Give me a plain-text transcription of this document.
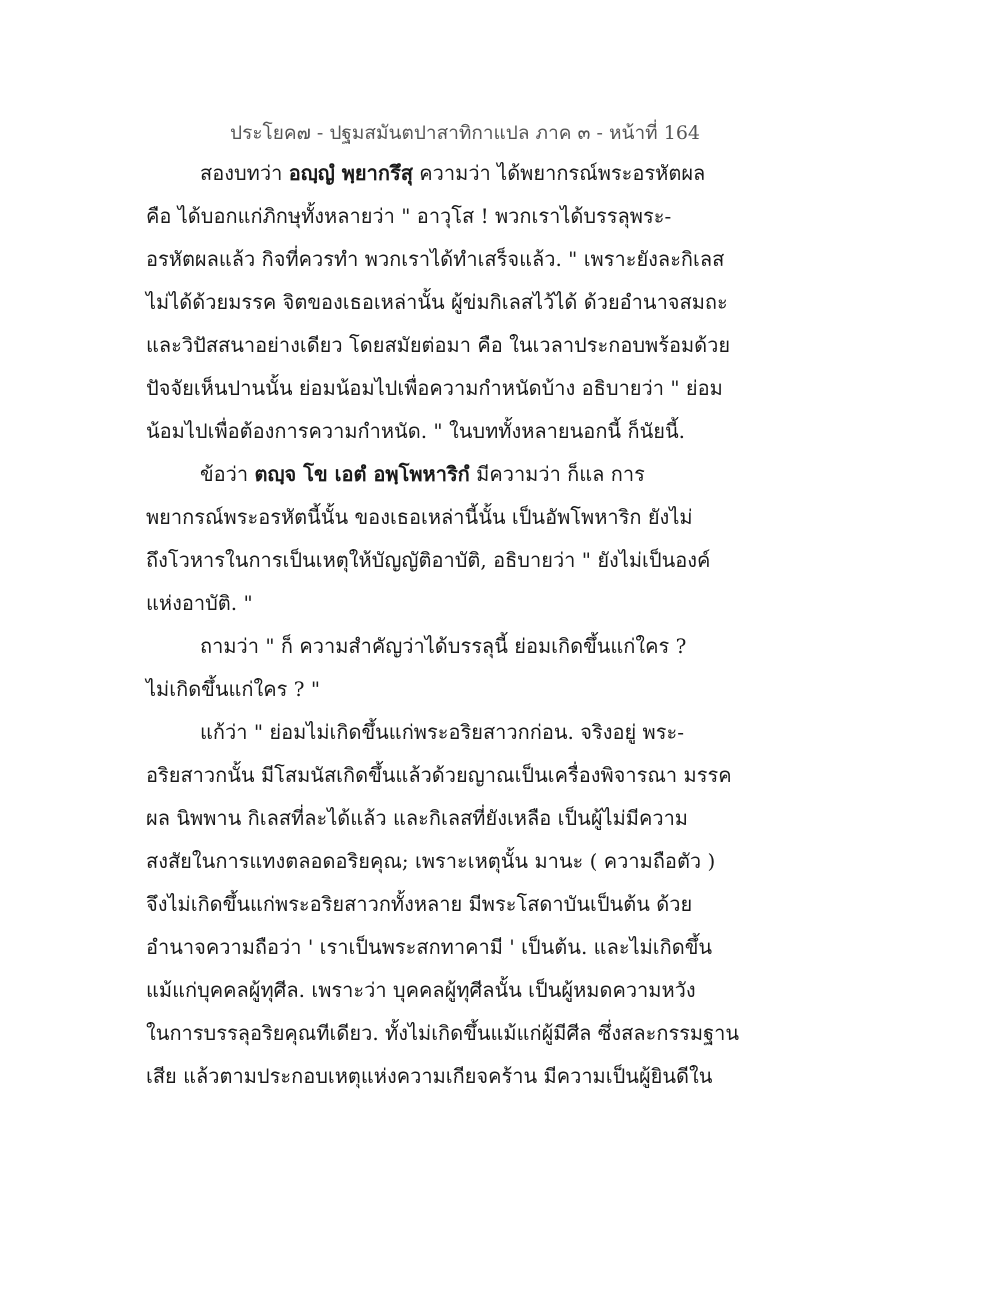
ประโยค๗ - ปฐมสมันตปาสาทิกาแปล ภาค ๓ - หน้าที่ 164
สองบทว่า อญฺญํ พฺยากรึสุ ความว่า ได้พยากรณ์พระอรหัตผล
คือ ได้บอกแก่ภิกษุทั้งหลายว่า " อาวุโส ! พวกเราได้บรรลุพระ-
อรหัตผลแล้ว กิจที่ควรทำ พวกเราได้ทำเสร็จแล้ว. " เพราะยังละกิเลส
ไม่ได้ด้วยมรรค จิตของเธอเหล่านั้น ผู้ข่มกิเลสไว้ได้ ด้วยอำนาจสมถะ
และวิปัสสนาอย่างเดียว โดยสมัยต่อมา คือ ในเวลาประกอบพร้อมด้วย
ปัจจัยเห็นปานนั้น ย่อมน้อมไปเพื่อความกำหนัดบ้าง อธิบายว่า " ย่อม
น้อมไปเพื่อต้องการความกำหนัด. " ในบททั้งหลายนอกนี้ ก็นัยนี้.
ข้อว่า ตญฺจ โข เอตํ อพฺโพหาริกํ มีความว่า ก็แล การ
พยากรณ์พระอรหัตนี้นั้น ของเธอเหล่านี้นั้น เป็นอัพโพหาริก ยังไม่
ถึงโวหารในการเป็นเหตุให้บัญญัติอาบัติ, อธิบายว่า " ยังไม่เป็นองค์
แห่งอาบัติ. "
ถามว่า " ก็ ความสำคัญว่าได้บรรลุนี้ ย่อมเกิดขึ้นแก่ใคร ?
ไม่เกิดขึ้นแก่ใคร ? "
แก้ว่า " ย่อมไม่เกิดขึ้นแก่พระอริยสาวกก่อน. จริงอยู่ พระ-
อริยสาวกนั้น มีโสมนัสเกิดขึ้นแล้วด้วยญาณเป็นเครื่องพิจารณา มรรค
ผล นิพพาน กิเลสที่ละได้แล้ว และกิเลสที่ยังเหลือ เป็นผู้ไม่มีความ
สงสัยในการแทงตลอดอริยคุณ; เพราะเหตุนั้น มานะ ( ความถือตัว )
จึงไม่เกิดขึ้นแก่พระอริยสาวกทั้งหลาย มีพระโสดาบันเป็นต้น ด้วย
อำนาจความถือว่า ' เราเป็นพระสกทาคามี ' เป็นต้น. และไม่เกิดขึ้น
แม้แก่บุคคลผู้ทุศีล. เพราะว่า บุคคลผู้ทุศีลนั้น เป็นผู้หมดความหวัง
ในการบรรลุอริยคุณทีเดียว. ทั้งไม่เกิดขึ้นแม้แก่ผู้มีศีล ซึ่งสละกรรมฐาน
เสีย แล้วตามประกอบเหตุแห่งความเกียจคร้าน มีความเป็นผู้ยินดีใน
